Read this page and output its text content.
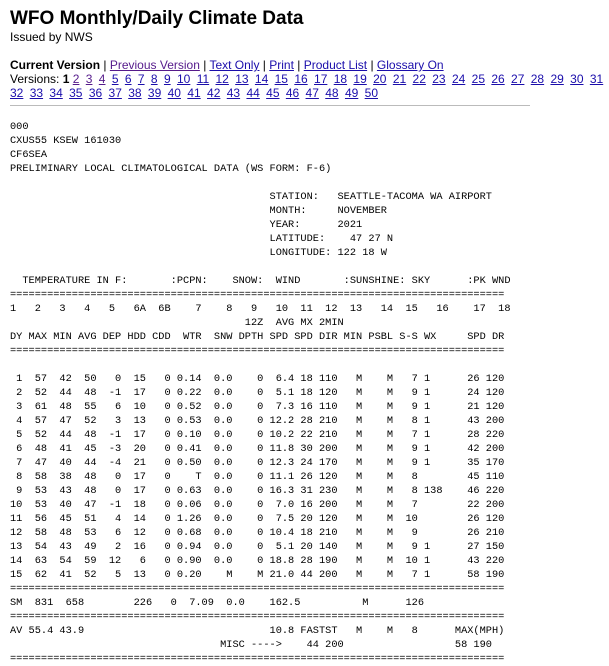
WFO Monthly/Daily Climate Data
Issued by NWS
Current Version | Previous Version | Text Only | Print | Product List | Glossary On
Versions: 1 2 3 4 5 6 7 8 9 10 11 12 13 14 15 16 17 18 19 20 21 22 23 24 25 26 27 28 29 30 31 32 33 34 35 36 37 38 39 40 41 42 43 44 45 46 47 48 49 50
000
CXUS55 KSEW 161030
CF6SEA
PRELIMINARY LOCAL CLIMATOLOGICAL DATA (WS FORM: F-6)

STATION:   SEATTLE-TACOMA WA AIRPORT
MONTH:     NOVEMBER
YEAR:      2021
LATITUDE:    47 27 N
LONGITUDE: 122 18 W

TEMPERATURE IN F:       :PCPN:    SNOW:  WIND       :SUNSHINE: SKY      :PK WND
================================================================================
1   2   3   4   5   6A  6B    7    8   9   10  11  12  13   14  15   16    17  18
12Z  AVG MX 2MIN
DY MAX MIN AVG DEP HDD CDD  WTR  SNW DPTH SPD SPD DIR MIN PSBL S-S WX     SPD DR
================================================================================

1  57  42  50   0  15   0 0.14  0.0    0  6.4 18 110   M    M   7 1      26 120
2  52  44  48  -1  17   0 0.22  0.0    0  5.1 18 120   M    M   9 1      24 120
3  61  48  55   6  10   0 0.52  0.0    0  7.3 16 110   M    M   9 1      21 120
4  57  47  52   3  13   0 0.53  0.0    0 12.2 28 210   M    M   8 1      43 200
5  52  44  48  -1  17   0 0.10  0.0    0 10.2 22 210   M    M   7 1      28 220
6  48  41  45  -3  20   0 0.41  0.0    0 11.8 30 200   M    M   9 1      42 200
7  47  40  44  -4  21   0 0.50  0.0    0 12.3 24 170   M    M   9 1      35 170
8  58  38  48   0  17   0    T  0.0    0 11.1 26 120   M    M   8        45 110
9  53  43  48   0  17   0 0.63  0.0    0 16.3 31 230   M    M   8 138    46 220
10  53  40  47  -1  18   0 0.06  0.0    0  7.0 16 200   M    M   7        22 200
11  56  45  51   4  14   0 1.26  0.0    0  7.5 20 120   M    M  10        26 120
12  58  48  53   6  12   0 0.68  0.0    0 10.4 18 210   M    M   9        26 210
13  54  43  49   2  16   0 0.94  0.0    0  5.1 20 140   M    M   9 1      27 150
14  63  54  59  12   6   0 0.90  0.0    0 18.8 28 190   M    M  10 1      43 220
15  62  41  52   5  13   0 0.20    M    M 21.0 44 200   M    M   7 1      58 190
================================================================================
SM  831  658        226   0  7.09  0.0    162.5          M      126
================================================================================
AV 55.4 43.9                              10.8 FASTST   M    M   8      MAX(MPH)
MISC ---->    44 200                  58 190
================================================================================
